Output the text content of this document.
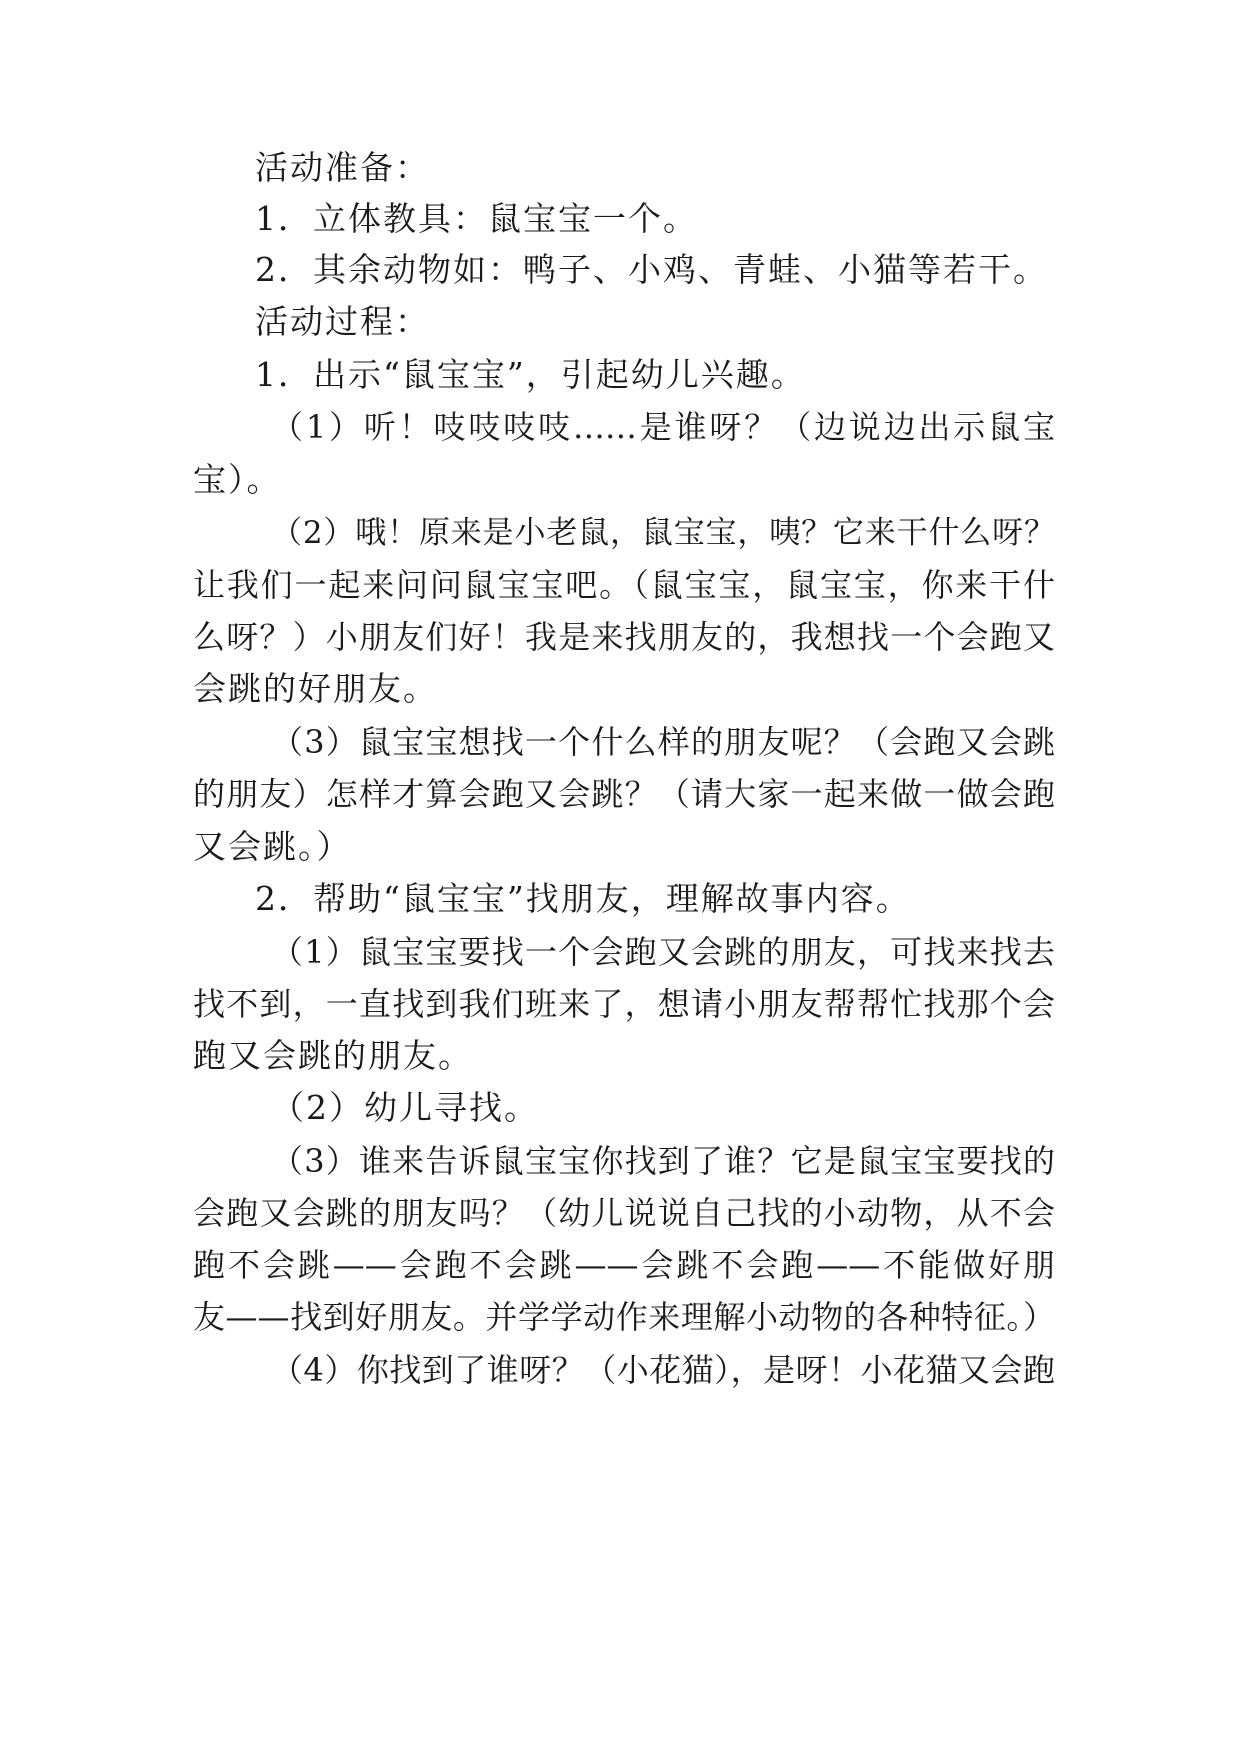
活动准备：
1．立体教具：鼠宝宝一个。
2．其余动物如：鸭子、小鸡、青蛙、小猫等若干。
活动过程：
1．出示“鼠宝宝”，引起幼儿兴趣。
（1）听！吱吱吱吱……是谁呀？（边说边出示鼠宝
宝）。
（2）哦！原来是小老鼠，鼠宝宝，咦？它来干什么呀？
让我们一起来问问鼠宝宝吧。（鼠宝宝，鼠宝宝，你来干什
么呀？）小朋友们好！我是来找朋友的，我想找一个会跑又
会跳的好朋友。
（3）鼠宝宝想找一个什么样的朋友呢？（会跑又会跳
的朋友）怎样才算会跑又会跳？（请大家一起来做一做会跑
又会跳。）
2．帮助“鼠宝宝”找朋友，理解故事内容。
（1）鼠宝宝要找一个会跑又会跳的朋友，可找来找去
找不到，一直找到我们班来了，想请小朋友帮帮忙找那个会
跑又会跳的朋友。
（2）幼儿寻找。
（3）谁来告诉鼠宝宝你找到了谁？它是鼠宝宝要找的
会跑又会跳的朋友吗？（幼儿说说自己找的小动物，从不会
跑不会跳——会跑不会跳——会跳不会跑——不能做好朋
友——找到好朋友。并学学动作来理解小动物的各种特征。）
（4）你找到了谁呀？（小花猫），是呀！小花猫又会跑
